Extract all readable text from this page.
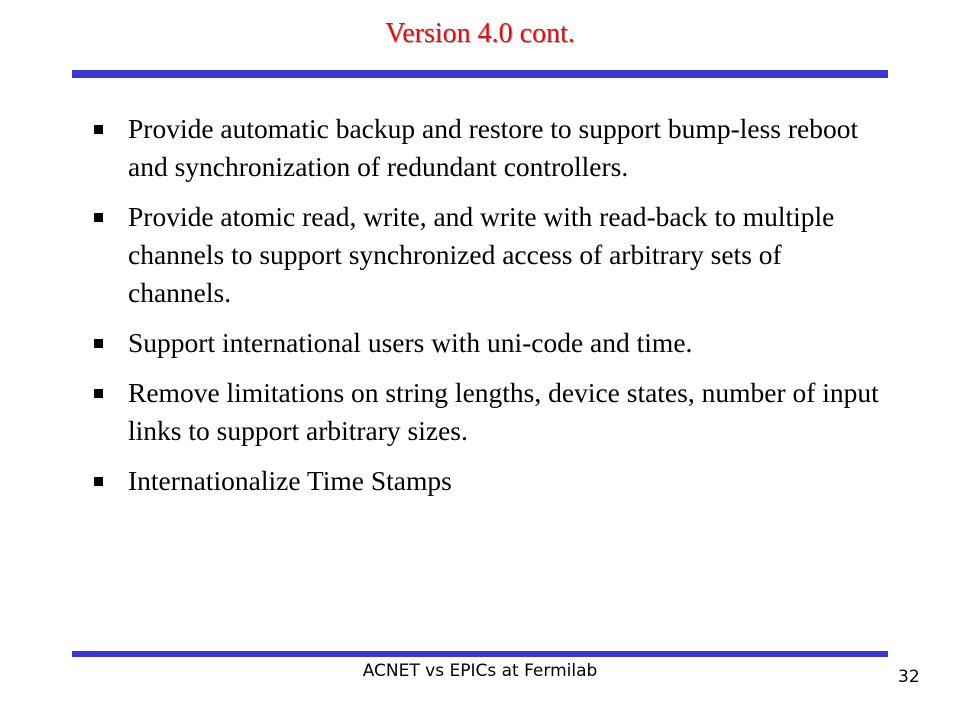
Version 4.0 cont.
Provide automatic backup and restore to support bump-less reboot and synchronization of redundant controllers.
Provide atomic read, write, and write with read-back to multiple channels to support synchronized access of arbitrary sets of channels.
Support international users with uni-code and time.
Remove limitations on string lengths, device states, number of input links to support arbitrary sizes.
Internationalize Time Stamps
ACNET vs EPICs at Fermilab	32
